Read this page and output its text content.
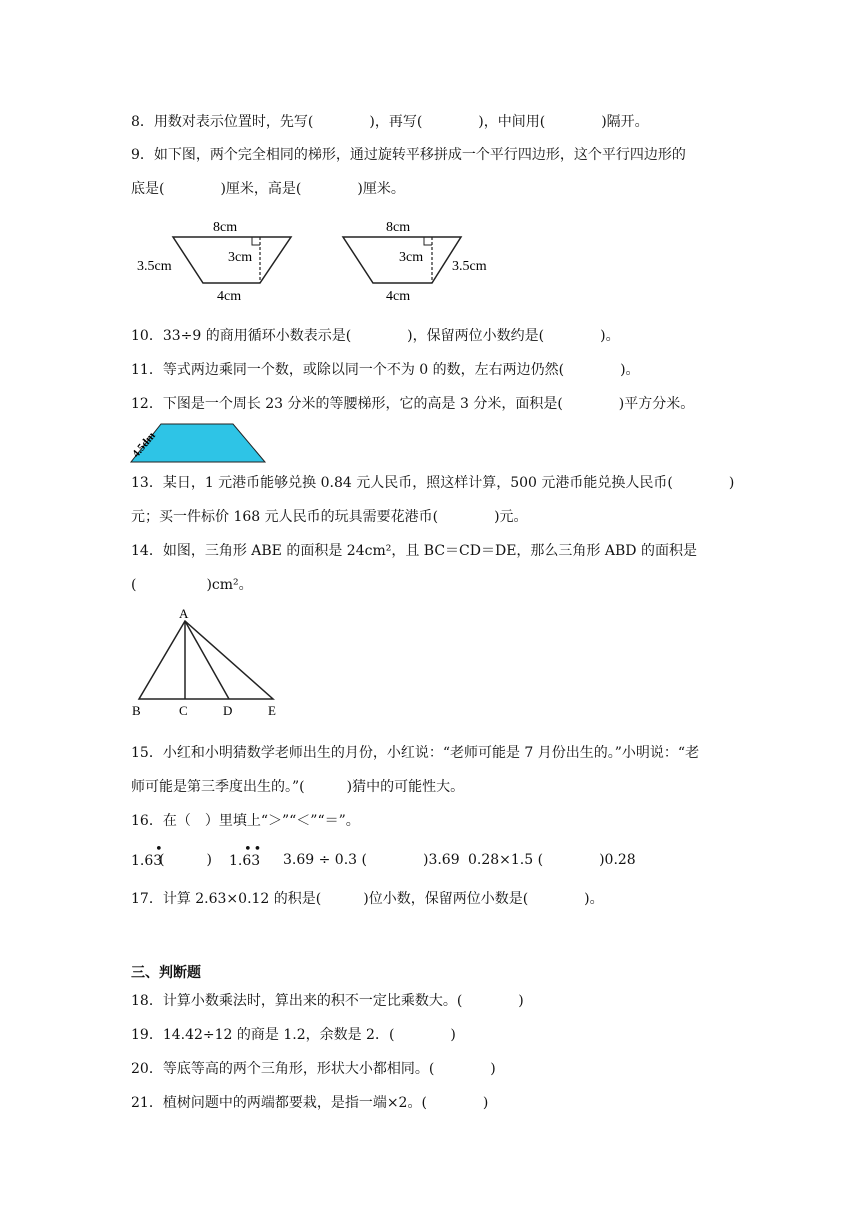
8．用数对表示位置时，先写(　　　　)，再写(　　　　)，中间用(　　　　)隔开。
9．如下图，两个完全相同的梯形，通过旋转平移拼成一个平行四边形，这个平行四边形的
底是(　　　　)厘米，高是(　　　　)厘米。
8cm
4cm
3cm
3.5cm
8cm
4cm
3cm
3.5cm
10．33÷9 的商用循环小数表示是(　　　　)，保留两位小数约是(　　　　)。
11．等式两边乘同一个数，或除以同一个不为 0 的数，左右两边仍然(　　　　)。
12．下图是一个周长 23 分米的等腰梯形，它的高是 3 分米，面积是(　　　　)平方分米。
4.5dm
13．某日，1 元港币能够兑换 0.84 元人民币，照这样计算，500 元港币能兑换人民币(　　　　)
元；买一件标价 168 元人民币的玩具需要花港币(　　　　)元。
14．如图，三角形 ABE 的面积是 24cm²，且 BC＝CD＝DE，那么三角形 ABD 的面积是
(　　　　　)cm²。
A
B	C	D	E
15．小红和小明猜数学老师出生的月份，小红说：“老师可能是 7 月份出生的。”小明说：“老
师可能是第三季度出生的。”(　　　)猜中的可能性大。
16．在（　）里填上“＞”“＜”“＝”。
1.63
•
(　　　) 1.63
••
3.69 ÷ 0.3 (　　　　)3.69 0.28×1.5 (　　　　)0.28
17．计算 2.63×0.12 的积是(　　　)位小数，保留两位小数是(　　　　)。
三、判断题
18．计算小数乘法时，算出来的积不一定比乘数大。(　　　　)
19．14.42÷12 的商是 1.2，余数是 2．(　　　　)
20．等底等高的两个三角形，形状大小都相同。(　　　　)
21．植树问题中的两端都要栽，是指一端×2。(　　　　)
